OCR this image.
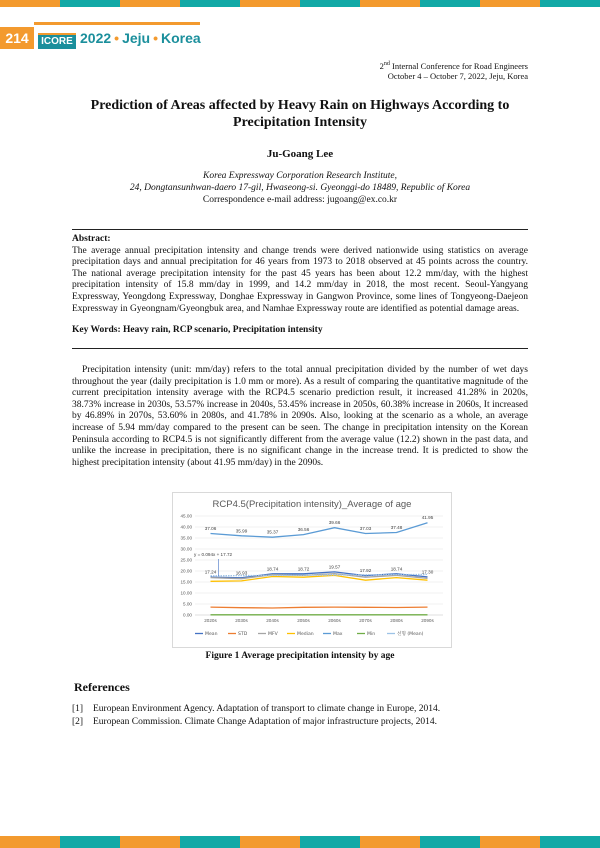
214	ICORE 2022 • Jeju • Korea
2nd Internal Conference for Road Engineers
October 4 – October 7, 2022, Jeju, Korea
Prediction of Areas affected by Heavy Rain on Highways According to
Precipitation Intensity
Ju-Goang Lee
Korea Expressway Corporation Research Institute,
24, Dongtansunhwan-daero 17-gil, Hwaseong-si. Gyeonggi-do 18489, Republic of Korea
Correspondence e-mail address: jugoang@ex.co.kr
Abstract:
The average annual precipitation intensity and change trends were derived nationwide using statistics on average precipitation days and annual precipitation for 46 years from 1973 to 2018 observed at 45 points across the country. The national average precipitation intensity for the past 45 years has been about 12.2 mm/day, with the highest precipitation intensity of 15.8 mm/day in 1999, and 14.2 mm/day in 2018, the most recent. Seoul-Yangyang Expressway, Yeongdong Expressway, Donghae Expressway in Gangwon Province, some lines of Tongyeong-Daejeon Expressway in Gyeongnam/Gyeongbuk area, and Namhae Expressway route are identified as potential damage areas.
Key Words: Heavy rain, RCP scenario, Precipitation intensity
Precipitation intensity (unit: mm/day) refers to the total annual precipitation divided by the number of wet days throughout the year (daily precipitation is 1.0 mm or more). As a result of comparing the quantitative magnitude of the current precipitation intensity average with the RCP4.5 scenario prediction result, it increased 41.28% in 2020s, 38.73% increase in 2030s, 53.57% increase in 2040s, 53.45% increase in 2050s, 60.38% increase in 2060s, It increased by 46.89% in 2070s, 53.60% in 2080s, and 41.78% in 2090s. Also, looking at the scenario as a whole, an average increase of 5.94 mm/day compared to the present can be seen. The change in precipitation intensity on the Korean Peninsula according to RCP4.5 is not significantly different from the average value (12.2) shown in the past data, and unlike the increase in precipitation, there is no significant change in the increase trend. It is predicted to show the highest precipitation intensity (about 41.95 mm/day) in the 2090s.
RCP4.5(Precipitation intensity)_Average of age
0.00
5.00
10.00
15.00
20.00
25.00
30.00
35.00
40.00
45.00
2020s	2030s	2040s	2050s	2060s	2070s	2080s	2090s
17.24	16.93
18.74	18.72	19.57
17.92	18.74
17.30
37.06	35.99	35.37
36.56
39.66
37.03	37.48
41.95
y = 0.094x + 17.72
Mean	STD	MFV	Median	Max	Min	선형 (Mean)
Figure 1 Average precipitation intensity by age
References
[1]	European Environment Agency. Adaptation of transport to climate change in Europe, 2014.
[2]	European Commission. Climate Change Adaptation of major infrastructure projects, 2014.
